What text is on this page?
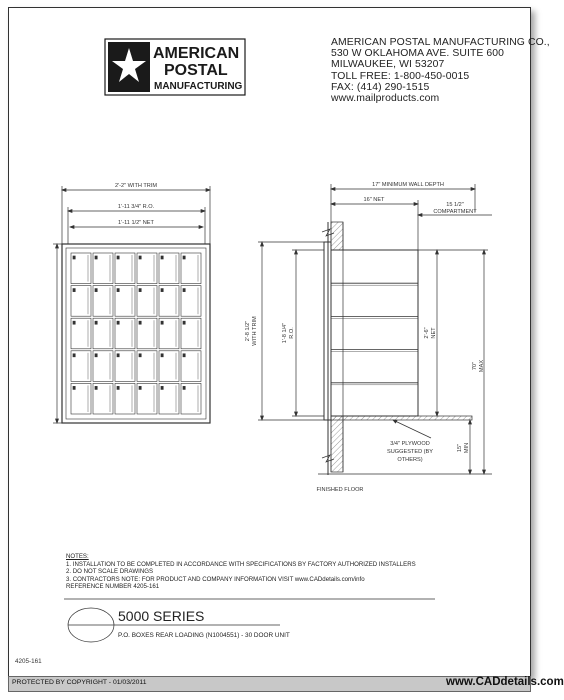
AMERICAN
POSTAL
MANUFACTURING
AMERICAN POSTAL MANUFACTURING CO.,
530 W OKLAHOMA AVE. SUITE 600
MILWAUKEE, WI 53207
TOLL FREE: 1-800-450-0015
FAX: (414) 290-1515
www.mailproducts.com
2'-2" WITH TRIM
1'-11 3/4" R.O.
1'-11 1/2" NET
17" MINIMUM WALL DEPTH
16" NET
15 1/2"
COMPARTMENT
2'-8 1/2" WITH TRIM	1'-8 1/4" R.O.	2'-6" NET
70" MAX
15" MIN
3/4" PLYWOOD
SUGGESTED (BY
OTHERS)
FINISHED FLOOR
NOTES:
1. INSTALLATION TO BE COMPLETED IN ACCORDANCE WITH SPECIFICATIONS BY FACTORY AUTHORIZED INSTALLERS
2. DO NOT SCALE DRAWINGS
3. CONTRACTORS NOTE: FOR PRODUCT AND COMPANY INFORMATION VISIT www.CADdetails.com/info
REFERENCE NUMBER 4205-161
5000 SERIES
P.O. BOXES REAR LOADING (N1004551) - 30 DOOR UNIT
4205-161
PROTECTED BY COPYRIGHT - 01/03/2011	www.CADdetails.com
